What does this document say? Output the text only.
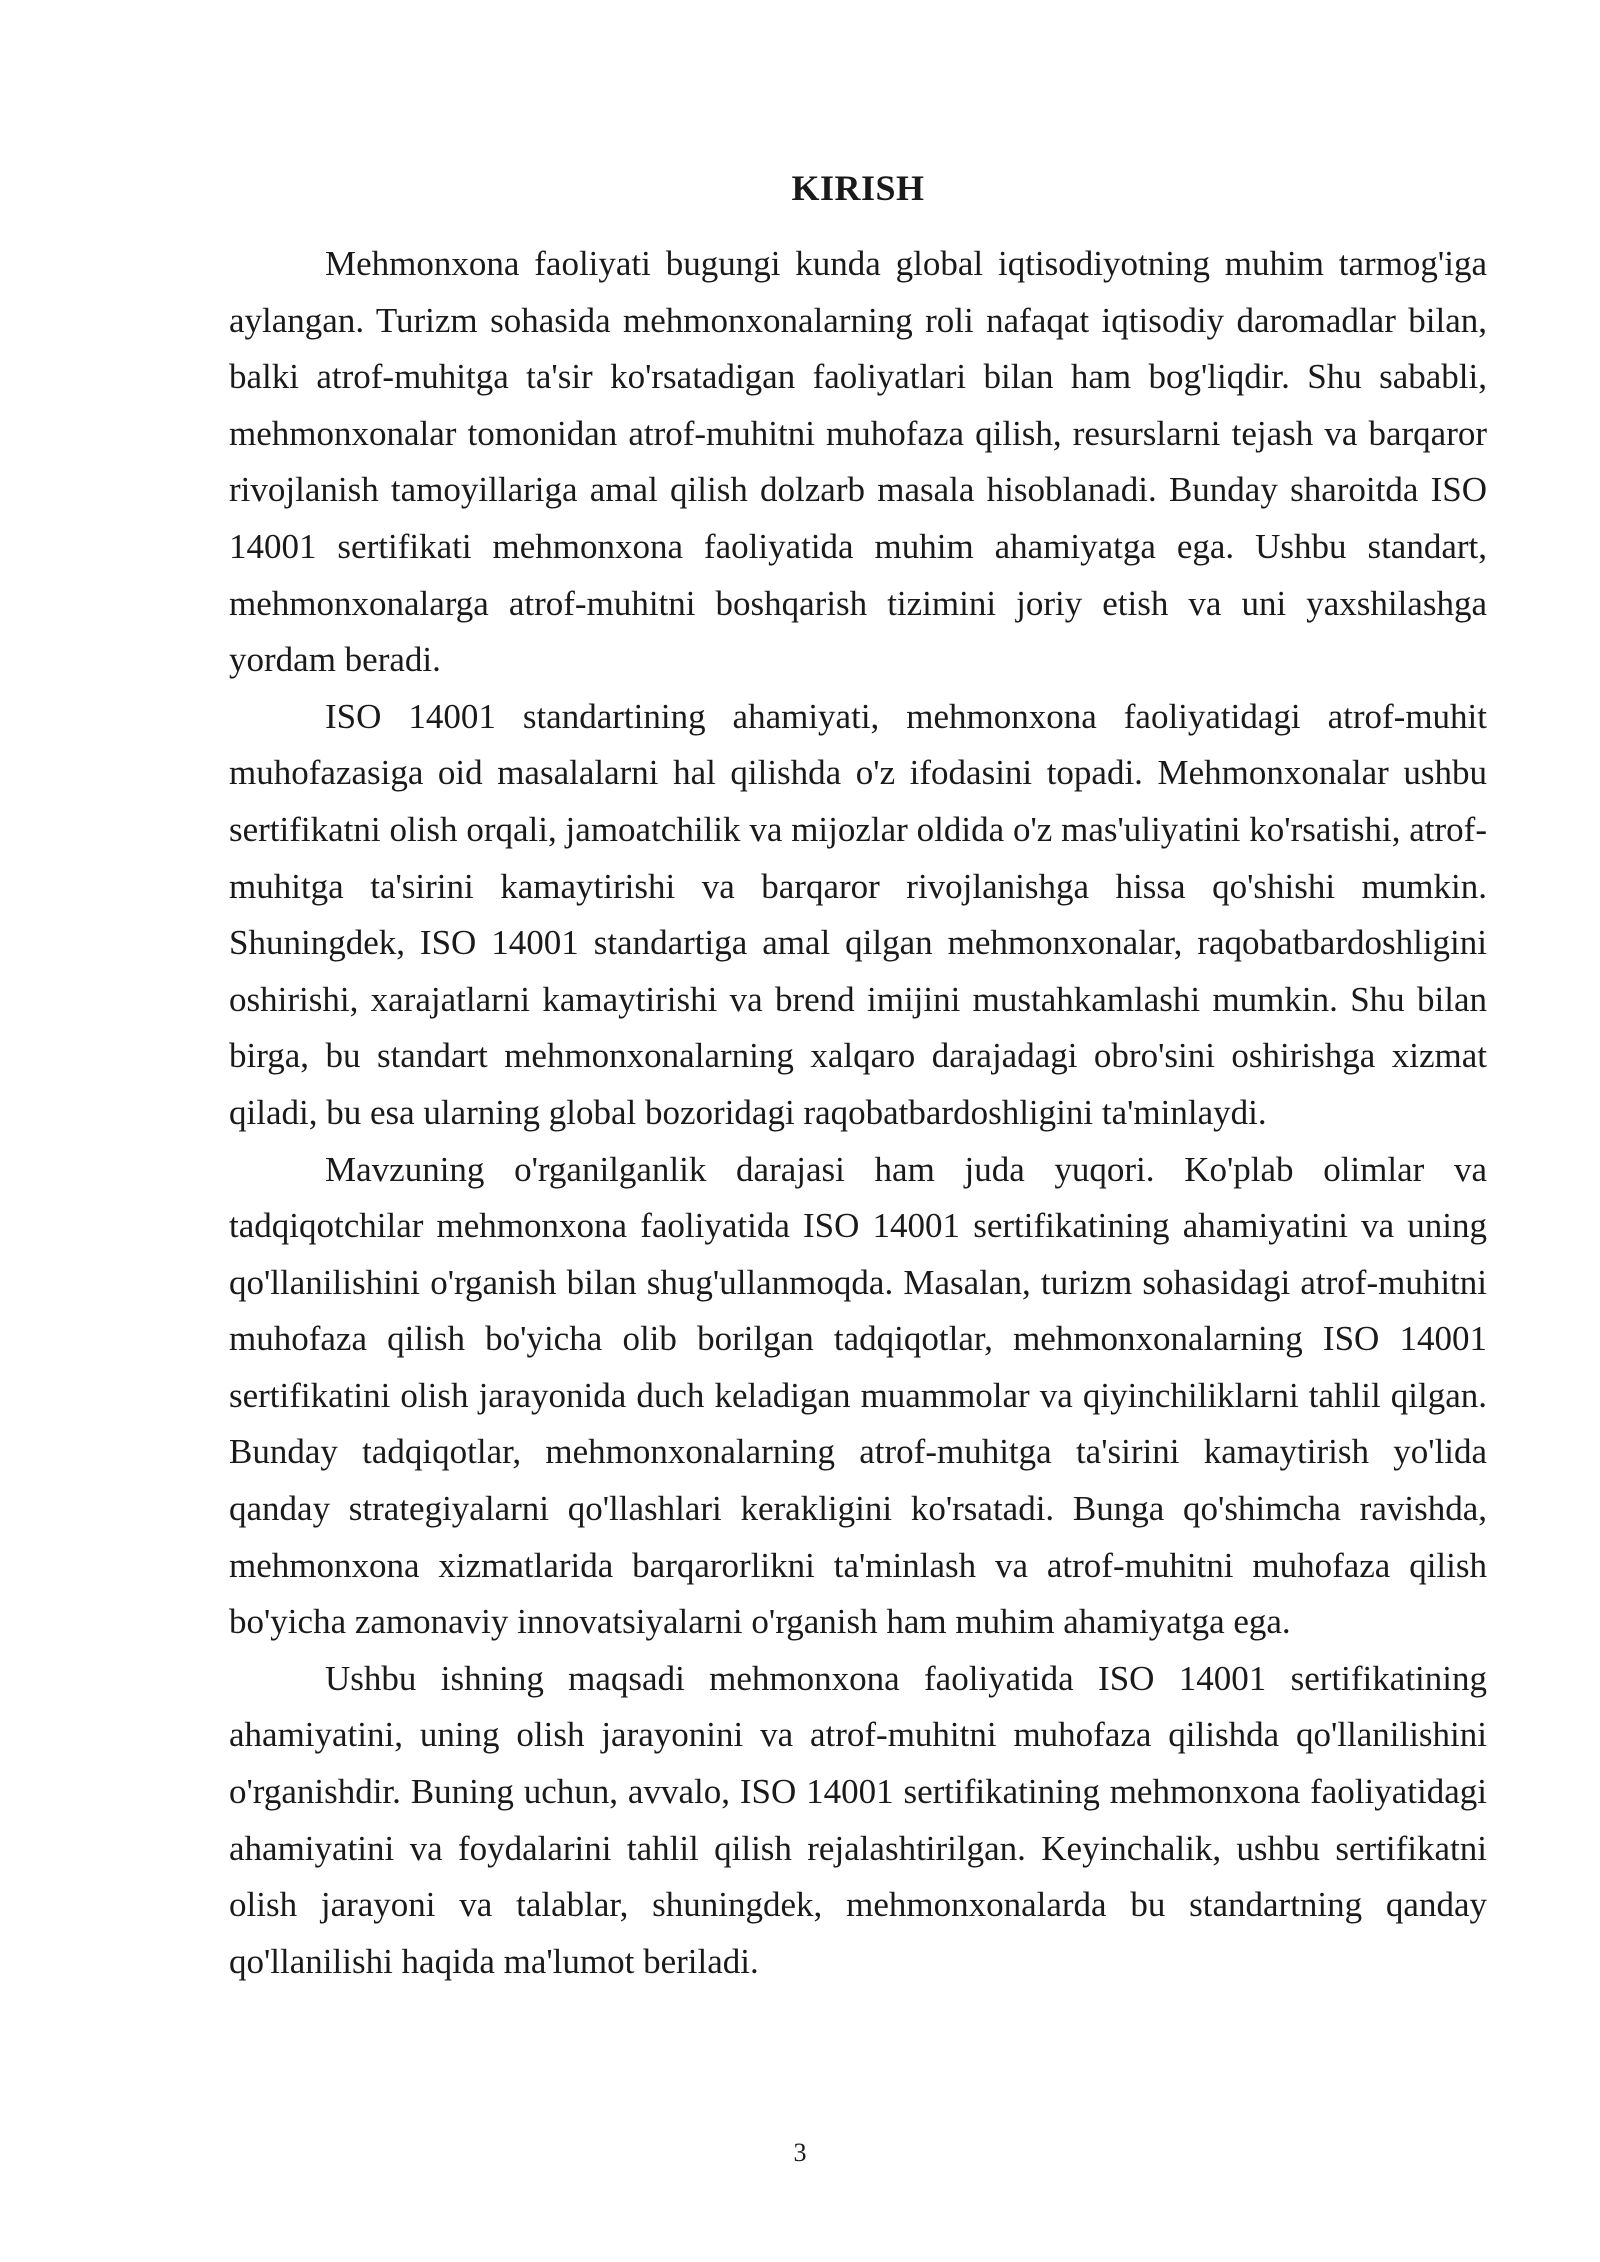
KIRISH

Mehmonxona faoliyati bugungi kunda global iqtisodiyotning muhim tarmog'iga aylangan. Turizm sohasida mehmonxonalarning roli nafaqat iqtisodiy daromadlar bilan, balki atrof-muhitga ta'sir ko'rsatadigan faoliyatlari bilan ham bog'liqdir. Shu sababli, mehmonxonalar tomonidan atrof-muhitni muhofaza qilish, resurslarni tejash va barqaror rivojlanish tamoyillariga amal qilish dolzarb masala hisoblanadi. Bunday sharoitda ISO 14001 sertifikati mehmonxona faoliyatida muhim ahamiyatga ega. Ushbu standart, mehmonxonalarga atrof-muhitni boshqarish tizimini joriy etish va uni yaxshilashga yordam beradi.

ISO 14001 standartining ahamiyati, mehmonxona faoliyatidagi atrof-muhit muhofazasiga oid masalalarni hal qilishda o'z ifodasini topadi. Mehmonxonalar ushbu sertifikatni olish orqali, jamoatchilik va mijozlar oldida o'z mas'uliyatini ko'rsatishi, atrof-muhitga ta'sirini kamaytirishi va barqaror rivojlanishga hissa qo'shishi mumkin. Shuningdek, ISO 14001 standartiga amal qilgan mehmonxonalar, raqobatbardoshligini oshirishi, xarajatlarni kamaytirishi va brend imijini mustahkamlashi mumkin. Shu bilan birga, bu standart mehmonxonalarning xalqaro darajadagi obro'sini oshirishga xizmat qiladi, bu esa ularning global bozoridagi raqobatbardoshligini ta'minlaydi.

Mavzuning o'rganilganlik darajasi ham juda yuqori. Ko'plab olimlar va tadqiqotchilar mehmonxona faoliyatida ISO 14001 sertifikatining ahamiyatini va uning qo'llanilishini o'rganish bilan shug'ullanmoqda. Masalan, turizm sohasidagi atrof-muhitni muhofaza qilish bo'yicha olib borilgan tadqiqotlar, mehmonxonalarning ISO 14001 sertifikatini olish jarayonida duch keladigan muammolar va qiyinchiliklarni tahlil qilgan. Bunday tadqiqotlar, mehmonxonalarning atrof-muhitga ta'sirini kamaytirish yo'lida qanday strategiyalarni qo'llashlari kerakligini ko'rsatadi. Bunga qo'shimcha ravishda, mehmonxona xizmatlarida barqarorlikni ta'minlash va atrof-muhitni muhofaza qilish bo'yicha zamonaviy innovatsiyalarni o'rganish ham muhim ahamiyatga ega.

Ushbu ishning maqsadi mehmonxona faoliyatida ISO 14001 sertifikatining ahamiyatini, uning olish jarayonini va atrof-muhitni muhofaza qilishda qo'llanilishini o'rganishdir. Buning uchun, avvalo, ISO 14001 sertifikatining mehmonxona faoliyatidagi ahamiyatini va foydalarini tahlil qilish rejalashtirilgan. Keyinchalik, ushbu sertifikatni olish jarayoni va talablar, shuningdek, mehmonxonalarda bu standartning qanday qo'llanilishi haqida ma'lumot beriladi.

3
